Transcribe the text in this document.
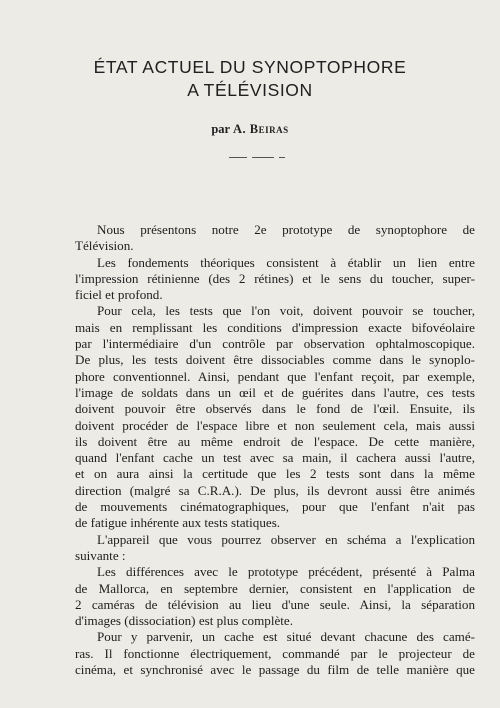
ÉTAT ACTUEL DU SYNOPTOPHORE
A TÉLÉVISION
par A. Beiras

Nous présentons notre 2e prototype de synoptophore de
Télévision.
Les fondements théoriques consistent à établir un lien entre
l'impression rétinienne (des 2 rétines) et le sens du toucher, super-
ficiel et profond.
Pour cela, les tests que l'on voit, doivent pouvoir se toucher,
mais en remplissant les conditions d'impression exacte bifovéolaire
par l'intermédiaire d'un contrôle par observation ophtalmoscopique.
De plus, les tests doivent être dissociables comme dans le synoplo-
phore conventionnel. Ainsi, pendant que l'enfant reçoit, par exemple,
l'image de soldats dans un œil et de guérites dans l'autre, ces tests
doivent pouvoir être observés dans le fond de l'œil. Ensuite, ils
doivent procéder de l'espace libre et non seulement cela, mais aussi
ils doivent être au même endroit de l'espace. De cette manière,
quand l'enfant cache un test avec sa main, il cachera aussi l'autre,
et on aura ainsi la certitude que les 2 tests sont dans la même
direction (malgré sa C.R.A.). De plus, ils devront aussi être animés
de mouvements cinématographiques, pour que l'enfant n'ait pas
de fatigue inhérente aux tests statiques.
L'appareil que vous pourrez observer en schéma a l'explication
suivante :
Les différences avec le prototype précédent, présenté à Palma
de Mallorca, en septembre dernier, consistent en l'application de
2 caméras de télévision au lieu d'une seule. Ainsi, la séparation
d'images (dissociation) est plus complète.
Pour y parvenir, un cache est situé devant chacune des camé-
ras. Il fonctionne électriquement, commandé par le projecteur de
cinéma, et synchronisé avec le passage du film de telle manière que
